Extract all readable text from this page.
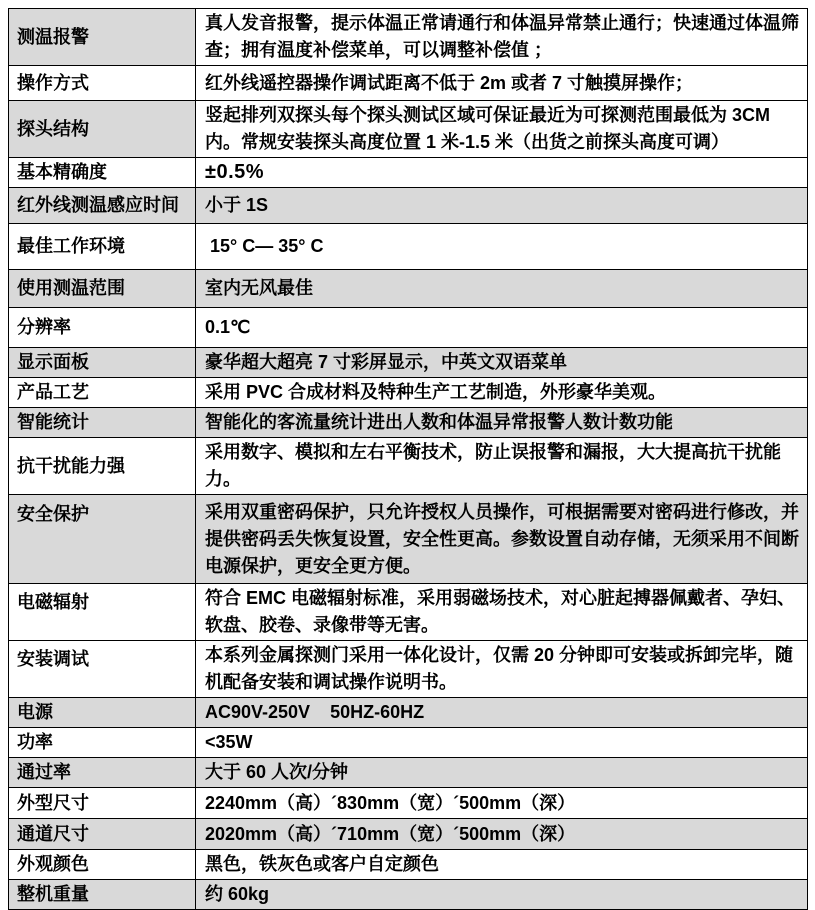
测温报警	真人发音报警，提示体温正常请通行和体温异常禁止通行；快速通过体温筛查；拥有温度补偿菜单，可以调整补偿值 ；
操作方式	红外线遥控器操作调试距离不低于 2m 或者 7 寸触摸屏操作；
探头结构	竖起排列双探头每个探头测试区域可保证最近为可探测范围最低为 3CM 内。常规安装探头高度位置 1 米-1.5 米（出货之前探头高度可调）
基本精确度	±0.5%
红外线测温感应时间	小于 1S
最佳工作环境	15° C— 35° C
使用测温范围	室内无风最佳
分辨率	0.1℃
显示面板	豪华超大超亮 7 寸彩屏显示，中英文双语菜单
产品工艺	采用 PVC 合成材料及特种生产工艺制造，外形豪华美观。
智能统计	智能化的客流量统计进出人数和体温异常报警人数计数功能
抗干扰能力强	采用数字、模拟和左右平衡技术，防止误报警和漏报，大大提高抗干扰能力。
安全保护	采用双重密码保护，只允许授权人员操作，可根据需要对密码进行修改，并提供密码丢失恢复设置，安全性更高。参数设置自动存储，无须采用不间断电源保护，更安全更方便。
电磁辐射	符合 EMC 电磁辐射标准，采用弱磁场技术，对心脏起搏器佩戴者、孕妇、软盘、胶卷、录像带等无害。
安装调试	本系列金属探测门采用一体化设计，仅需 20 分钟即可安装或拆卸完毕，随机配备安装和调试操作说明书。
电源	AC90V-250V    50HZ-60HZ
功率	<35W
通过率	大于 60 人次/分钟
外型尺寸	2240mm（高）´830mm（宽）´500mm（深）
通道尺寸	2020mm（高）´710mm（宽）´500mm（深）
外观颜色	黑色，铁灰色或客户自定颜色
整机重量	约 60kg
